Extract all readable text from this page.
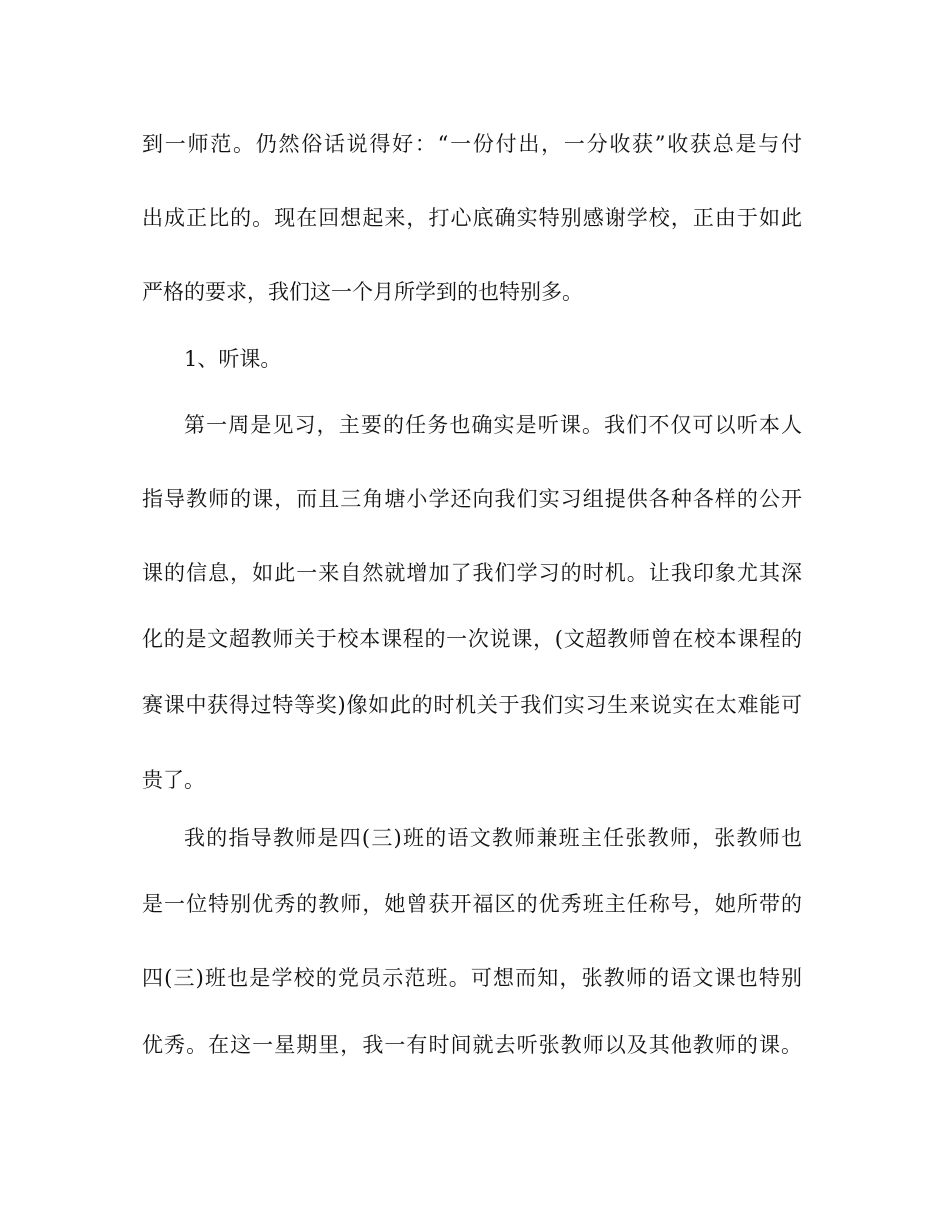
到一师范。仍然俗话说得好：“一份付出，一分收获”收获总是与付
出成正比的。现在回想起来，打心底确实特别感谢学校，正由于如此
严格的要求，我们这一个月所学到的也特别多。
1、听课。
第一周是见习，主要的任务也确实是听课。我们不仅可以听本人
指导教师的课，而且三角塘小学还向我们实习组提供各种各样的公开
课的信息，如此一来自然就增加了我们学习的时机。让我印象尤其深
化的是文超教师关于校本课程的一次说课，(文超教师曾在校本课程的
赛课中获得过特等奖)像如此的时机关于我们实习生来说实在太难能可
贵了。
我的指导教师是四(三)班的语文教师兼班主任张教师，张教师也
是一位特别优秀的教师，她曾获开福区的优秀班主任称号，她所带的
四(三)班也是学校的党员示范班。可想而知，张教师的语文课也特别
优秀。在这一星期里，我一有时间就去听张教师以及其他教师的课。
